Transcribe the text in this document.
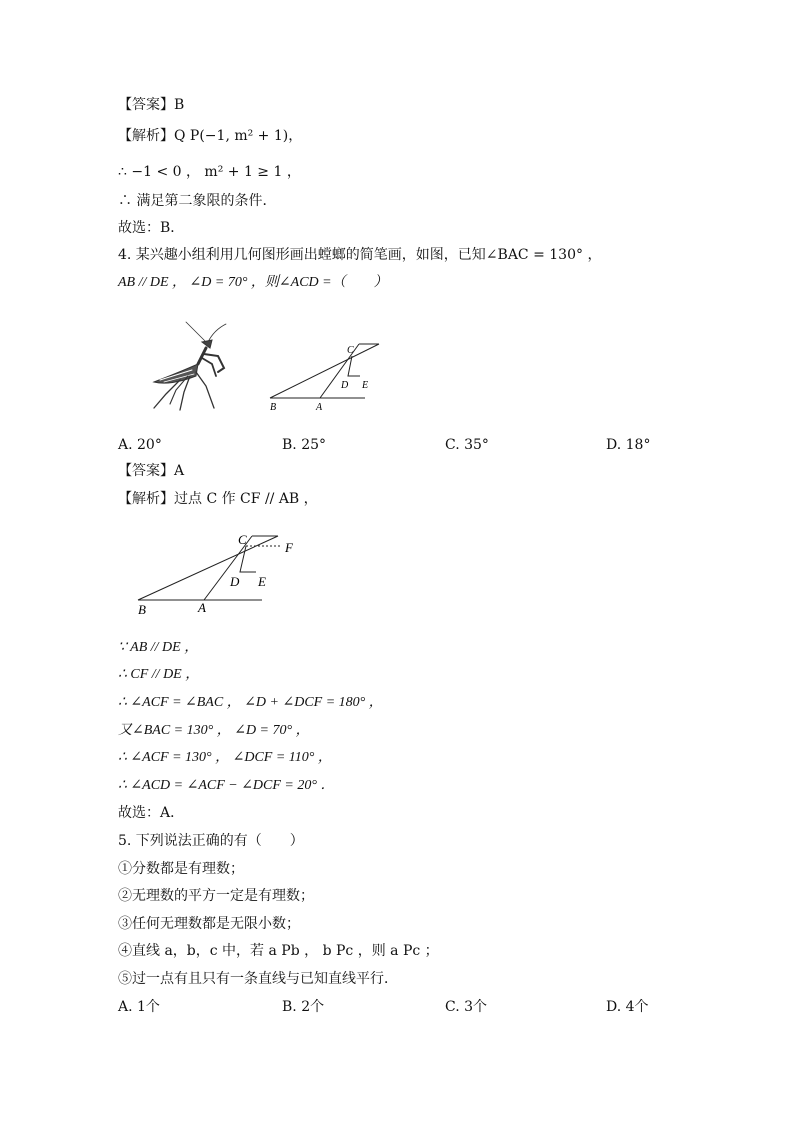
【答案】B
【解析】Q P(−1, m² + 1)，
∴ −1 < 0 ， m² + 1 ≥ 1 ，
∴ 满足第二象限的条件．
故选：B．
4. 某兴趣小组利用几何图形画出螳螂的简笔画，如图，已知∠BAC = 130° ，
AB // DE ， ∠D = 70° ，则∠ACD =（　　）
B	A
C
D E
A. 20°	B. 25°	C. 35°	D. 18°
【答案】A
【解析】过点 C 作 CF // AB ，
B	A
C
F
D E
∵ AB // DE ，
∴ CF // DE ，
∴ ∠ACF = ∠BAC ， ∠D + ∠DCF = 180° ，
又∠BAC = 130° ， ∠D = 70° ，
∴ ∠ACF = 130° ， ∠DCF = 110° ，
∴ ∠ACD = ∠ACF − ∠DCF = 20° ．
故选：A．
5. 下列说法正确的有（　　）
①分数都是有理数；
②无理数的平方一定是有理数；
③任何无理数都是无限小数；
④直线 a，b，c 中，若 a Pb ， b Pc ，则 a Pc ；
⑤过一点有且只有一条直线与已知直线平行．
A. 1个	B. 2个	C. 3个	D. 4个
